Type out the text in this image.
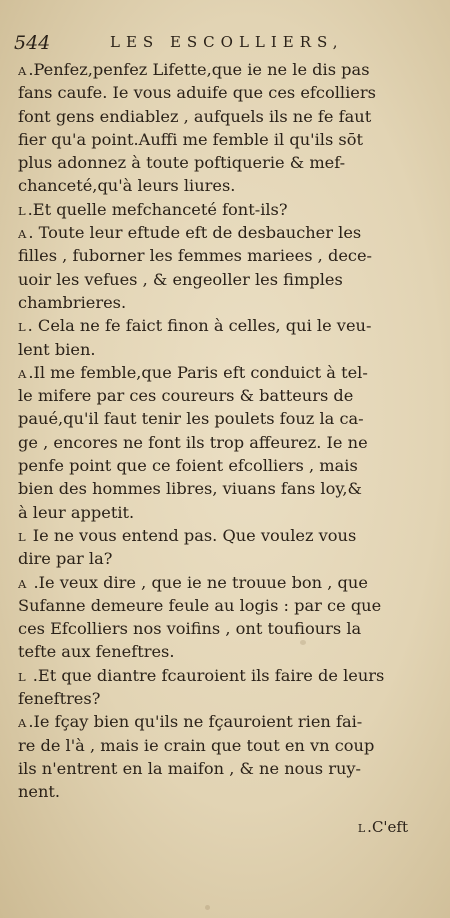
544	LES ESCOLLIERS,
A.Penfez,penfez Lifette,que ie ne le dis pas
fans caufe. Ie vous aduife que ces efcolliers
font gens endiablez , aufquels ils ne fe faut
fier qu'a point.Auffi me femble il qu'ils sōt
plus adonnez à toute poftiquerie & mef-
chanceté,qu'à leurs liures.
L.Et quelle mefchanceté font-ils?
A. Toute leur eftude eft de desbaucher les
filles , fuborner les femmes mariees , dece-
uoir les vefues , & engeoller les fimples
chambrieres.
L. Cela ne fe faict finon à celles, qui le veu-
lent bien.
A.Il me femble,que Paris eft conduict à tel-
le mifere par ces coureurs & batteurs de
paué,qu'il faut tenir les poulets fouz la ca-
ge , encores ne font ils trop affeurez. Ie ne
penfe point que ce foient efcolliers , mais
bien des hommes libres, viuans fans loy,&
à leur appetit.
L Ie ne vous entend pas. Que voulez vous
dire par la?
A .Ie veux dire , que ie ne trouue bon , que
Sufanne demeure feule au logis : par ce que
ces Efcolliers nos voifins , ont toufiours la
tefte aux feneftres.
L .Et que diantre fcauroient ils faire de leurs
feneftres?
A.Ie fçay bien qu'ils ne fçauroient rien fai-
re de l'à , mais ie crain que tout en vn coup
ils n'entrent en la maifon , & ne nous ruy-
nent.
L.C'eft
